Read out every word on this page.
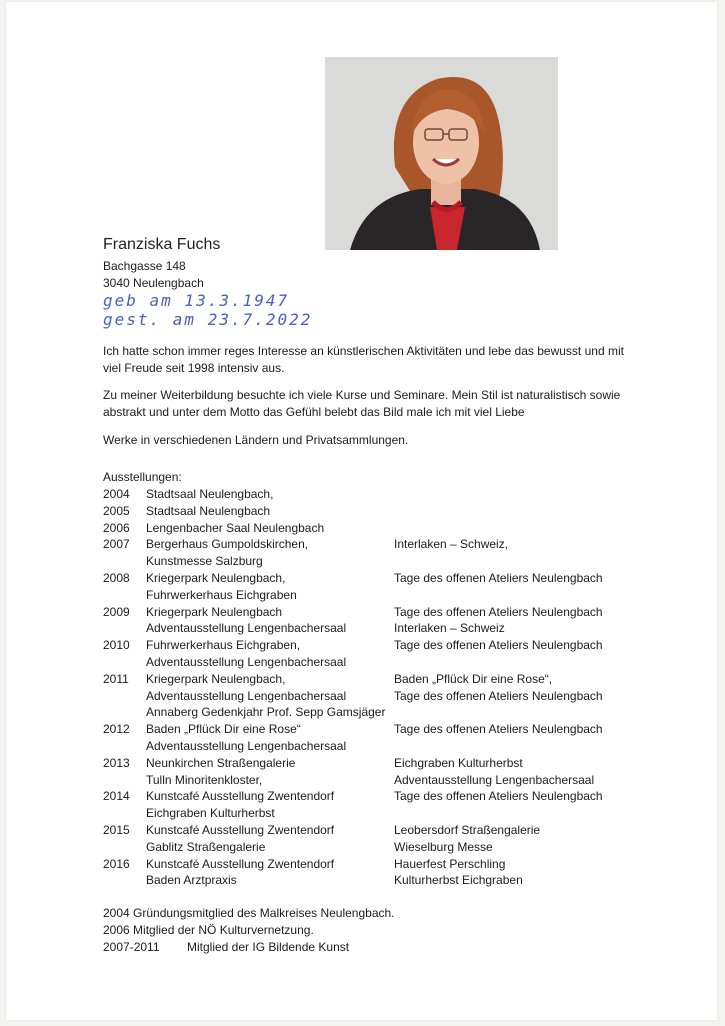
Franziska Fuchs
Bachgasse 148
3040 Neulengbach
geb am 13.3.1947
gest. am 23.7.2022
Ich hatte schon immer reges Interesse an künstlerischen Aktivitäten und lebe das bewusst und mit viel Freude seit 1998 intensiv aus.
Zu meiner Weiterbildung besuchte ich viele Kurse und Seminare. Mein Stil ist naturalistisch sowie abstrakt und unter dem Motto das Gefühl belebt das Bild male ich mit viel Liebe
Werke in verschiedenen Ländern und Privatsammlungen.
Ausstellungen:
2004 Stadtsaal Neulengbach,
2005 Stadtsaal Neulengbach
2006 Lengenbacher Saal Neulengbach
2007 Bergerhaus Gumpoldskirchen,
Kunstmesse Salzburg
Interlaken – Schweiz,
2008 Kriegerpark Neulengbach,
Fuhrwerkerhaus Eichgraben
Tage des offenen Ateliers Neulengbach
2009 Kriegerpark Neulengbach
Adventausstellung Lengenbachersaal
Tage des offenen Ateliers Neulengbach
Interlaken – Schweiz
2010 Fuhrwerkerhaus Eichgraben,
Adventausstellung Lengenbachersaal
Tage des offenen Ateliers Neulengbach
2011 Kriegerpark Neulengbach,
Adventausstellung Lengenbachersaal
Annaberg Gedenkjahr Prof. Sepp Gamsjäger
Baden „Pflück Dir eine Rose“,
Tage des offenen Ateliers Neulengbach
2012 Baden „Pflück Dir eine Rose“
Adventausstellung Lengenbachersaal
Tage des offenen Ateliers Neulengbach
2013 Neunkirchen Straßengalerie
Tulln Minoritenkloster,
Eichgraben Kulturherbst
Adventausstellung Lengenbachersaal
2014 Kunstcafé Ausstellung Zwentendorf
Eichgraben Kulturherbst
Tage des offenen Ateliers Neulengbach
2015 Kunstcafé Ausstellung Zwentendorf
Gablitz Straßengalerie
Leobersdorf Straßengalerie
Wieselburg Messe
2016 Kunstcafé Ausstellung Zwentendorf
Baden Arztpraxis
Hauerfest Perschling
Kulturherbst Eichgraben
2004 Gründungsmitglied des Malkreises Neulengbach.
2006 Mitglied der NÖ Kulturvernetzung.
2007-2011 Mitglied der IG Bildende Kunst
